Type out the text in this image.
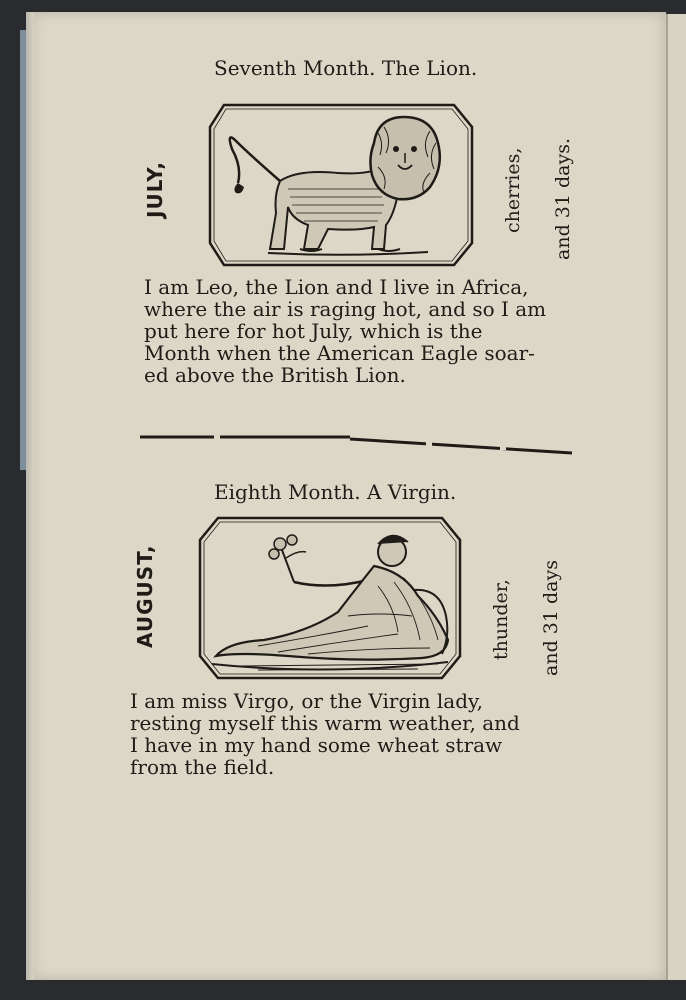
Seventh Month. The Lion.
JULY,	cherries, and 31 days.
I am Leo, the Lion and I live in Africa,
where the air is raging hot, and so I am
put here for hot July, which is the
Month when the American Eagle soar-
ed above the British Lion.
Eighth Month. A Virgin.
AUGUST,	thunder, and 31 days
I am miss Virgo, or the Virgin lady,
resting myself this warm weather, and
I have in my hand some wheat straw
from the field.
